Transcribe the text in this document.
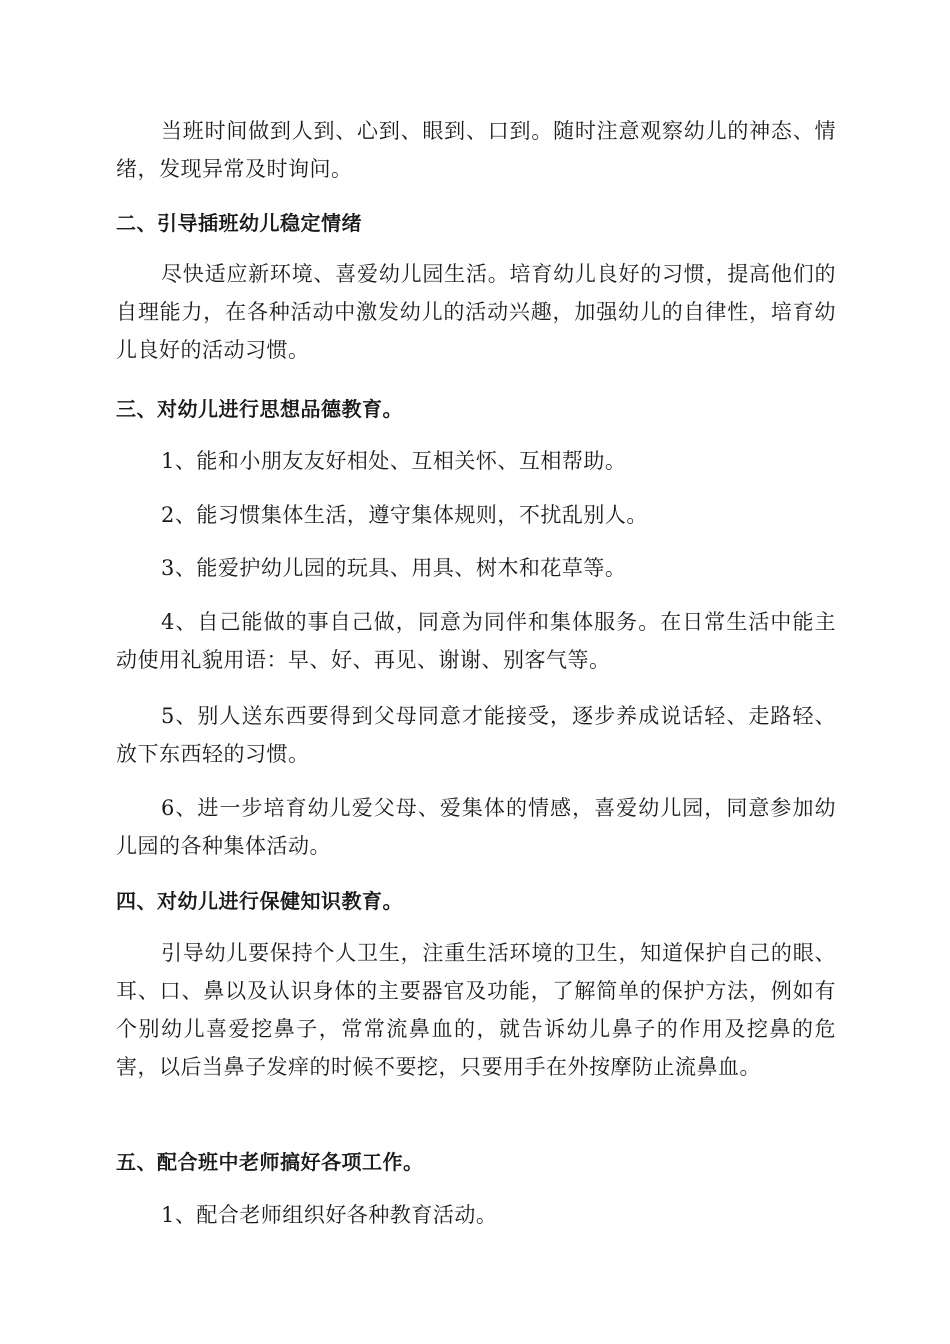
当班时间做到人到、心到、眼到、口到。随时注意观察幼儿的神态、情绪，发现异常及时询问。

二、引导插班幼儿稳定情绪

尽快适应新环境、喜爱幼儿园生活。培育幼儿良好的习惯，提高他们的自理能力，在各种活动中激发幼儿的活动兴趣，加强幼儿的自律性，培育幼儿良好的活动习惯。

三、对幼儿进行思想品德教育。

1、能和小朋友友好相处、互相关怀、互相帮助。

2、能习惯集体生活，遵守集体规则，不扰乱别人。

3、能爱护幼儿园的玩具、用具、树木和花草等。

4、自己能做的事自己做，同意为同伴和集体服务。在日常生活中能主动使用礼貌用语：早、好、再见、谢谢、别客气等。

5、别人送东西要得到父母同意才能接受，逐步养成说话轻、走路轻、放下东西轻的习惯。

6、进一步培育幼儿爱父母、爱集体的情感，喜爱幼儿园，同意参加幼儿园的各种集体活动。

四、对幼儿进行保健知识教育。

引导幼儿要保持个人卫生，注重生活环境的卫生，知道保护自己的眼、耳、口、鼻以及认识身体的主要器官及功能，了解简单的保护方法，例如有个别幼儿喜爱挖鼻子，常常流鼻血的，就告诉幼儿鼻子的作用及挖鼻的危害，以后当鼻子发痒的时候不要挖，只要用手在外按摩防止流鼻血。

五、配合班中老师搞好各项工作。

1、配合老师组织好各种教育活动。
